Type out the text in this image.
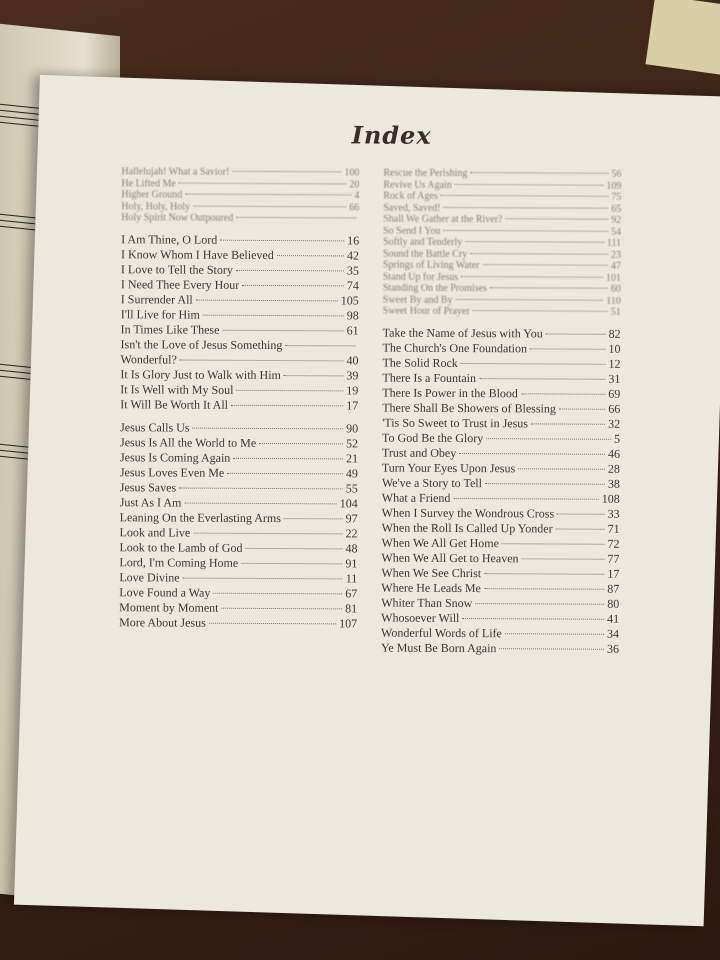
Index
Hallelujah! What a Savior!	100
He Lifted Me	20
Higher Ground	4
Holy, Holy, Holy	66
Holy Spirit Now Outpoured
I Am Thine, O Lord	16
I Know Whom I Have Believed	42
I Love to Tell the Story	35
I Need Thee Every Hour	74
I Surrender All	105
I'll Live for Him	98
In Times Like These	61
Isn't the Love of Jesus Something
Wonderful?	40
It Is Glory Just to Walk with Him	39
It Is Well with My Soul	19
It Will Be Worth It All	17
Jesus Calls Us	90
Jesus Is All the World to Me	52
Jesus Is Coming Again	21
Jesus Loves Even Me	49
Jesus Saves	55
Just As I Am	104
Leaning On the Everlasting Arms	97
Look and Live	22
Look to the Lamb of God	48
Lord, I'm Coming Home	91
Love Divine	11
Love Found a Way	67
Moment by Moment	81
More About Jesus	107
Rescue the Perishing	56
Revive Us Again	109
Rock of Ages	75
Saved, Saved!	65
Shall We Gather at the River?	92
So Send I You	54
Softly and Tenderly	111
Sound the Battle Cry	23
Springs of Living Water	47
Stand Up for Jesus	101
Standing On the Promises	60
Sweet By and By	110
Sweet Hour of Prayer	51
Take the Name of Jesus with You	82
The Church's One Foundation	10
The Solid Rock	12
There Is a Fountain	31
There Is Power in the Blood	69
There Shall Be Showers of Blessing	66
'Tis So Sweet to Trust in Jesus	32
To God Be the Glory	5
Trust and Obey	46
Turn Your Eyes Upon Jesus	28
We've a Story to Tell	38
What a Friend	108
When I Survey the Wondrous Cross	33
When the Roll Is Called Up Yonder	71
When We All Get Home	72
When We All Get to Heaven	77
When We See Christ	17
Where He Leads Me	87
Whiter Than Snow	80
Whosoever Will	41
Wonderful Words of Life	34
Ye Must Be Born Again	36
